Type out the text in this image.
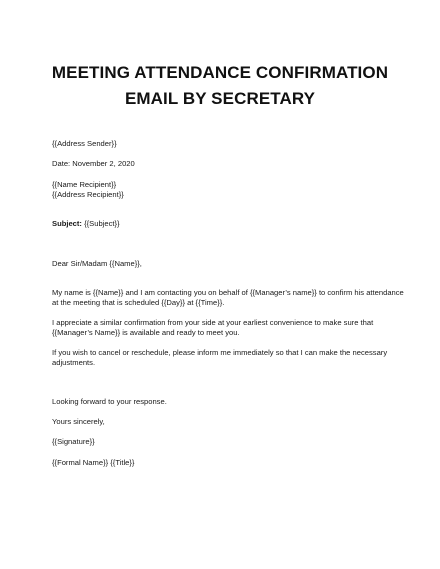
MEETING ATTENDANCE CONFIRMATION
EMAIL BY SECRETARY
{{Address Sender}}
Date: November 2, 2020
{{Name Recipient}}
{{Address Recipient}}
Subject: {{Subject}}
Dear Sir/Madam {{Name}},
My name is {{Name}} and I am contacting you on behalf of {{Manager’s name}} to confirm his attendance
at the meeting that is scheduled {{Day}} at {{Time}}.
I appreciate a similar confirmation from your side at your earliest convenience to make sure that
{{Manager’s Name}} is available and ready to meet you.
If you wish to cancel or reschedule, please inform me immediately so that I can make the necessary
adjustments.
Looking forward to your response.
Yours sincerely,
{{Signature}}
{{Formal Name}} {{Title}}
